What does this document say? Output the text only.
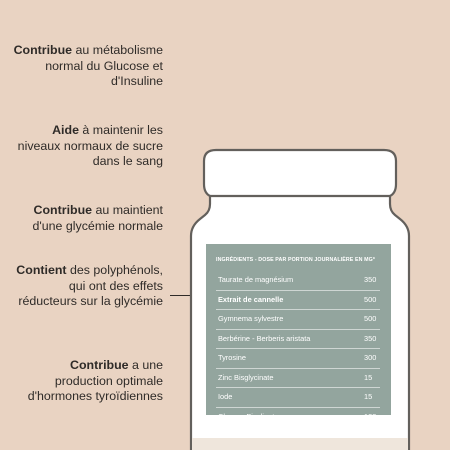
Contribue au métabolisme normal du Glucose et d'Insuline
Aide à maintenir les niveaux normaux de sucre dans le sang
Contribue au maintient d'une glycémie normale
Contient des polyphénols, qui ont des effets réducteurs sur la glycémie
Contribue a une production optimale d'hormones tyroïdiennes
INGRÉDIENTS - DOSE PAR PORTION JOURNALIÈRE EN MG*
Taurate de magnésium	350
Extrait de cannelle	500
Gymnema sylvestre	500
Berbérine - Berberis aristata	350
Tyrosine	300
Zinc Bisglycinate	15
Iode	15
Chrome Picolinate	123 µg
